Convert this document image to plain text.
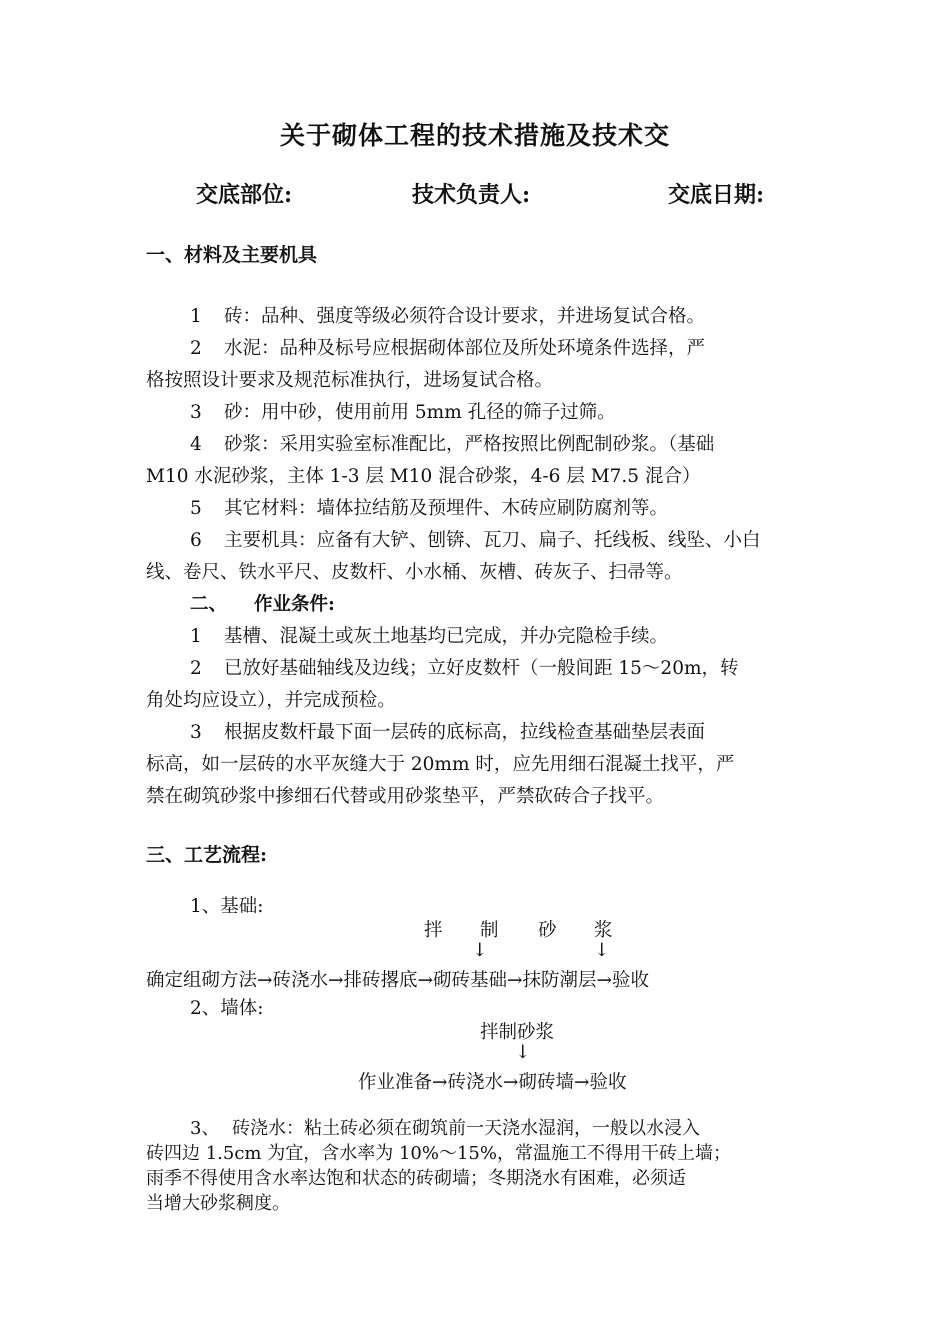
关于砌体工程的技术措施及技术交
交底部位:	技术负责人:	交底日期:
一、材料及主要机具
1 砖：品种、强度等级必须符合设计要求，并进场复试合格。
2 水泥：品种及标号应根据砌体部位及所处环境条件选择，严
格按照设计要求及规范标准执行，进场复试合格。
3 砂：用中砂，使用前用 5mm 孔径的筛子过筛。
4 砂浆：采用实验室标准配比，严格按照比例配制砂浆。（基础
M10 水泥砂浆，主体 1-3 层 M10 混合砂浆，4-6 层 M7.5 混合）
5 其它材料：墙体拉结筋及预埋件、木砖应刷防腐剂等。
6 主要机具：应备有大铲、刨锛、瓦刀、扁子、托线板、线坠、小白
线、卷尺、铁水平尺、皮数杆、小水桶、灰槽、砖灰子、扫帚等。
二、 作业条件:
1 基槽、混凝土或灰土地基均已完成，并办完隐检手续。
2 已放好基础轴线及边线；立好皮数杆（一般间距 15～20m，转
角处均应设立），并完成预检。
3 根据皮数杆最下面一层砖的底标高，拉线检查基础垫层表面
标高，如一层砖的水平灰缝大于 20mm 时，应先用细石混凝土找平，严
禁在砌筑砂浆中掺细石代替或用砂浆垫平，严禁砍砖合子找平。
三、工艺流程:
1、基础:
拌 制 砂 浆
↓	↓
确定组砌方法→砖浇水→排砖撂底→砌砖基础→抹防潮层→验收
2、墙体:
拌制砂浆
↓
作业准备→砖浇水→砌砖墙→验收
3、 砖浇水：粘土砖必须在砌筑前一天浇水湿润，一般以水浸入
砖四边 1.5cm 为宜，含水率为 10%～15%，常温施工不得用干砖上墙；
雨季不得使用含水率达饱和状态的砖砌墙；冬期浇水有困难，必须适
当增大砂浆稠度。
